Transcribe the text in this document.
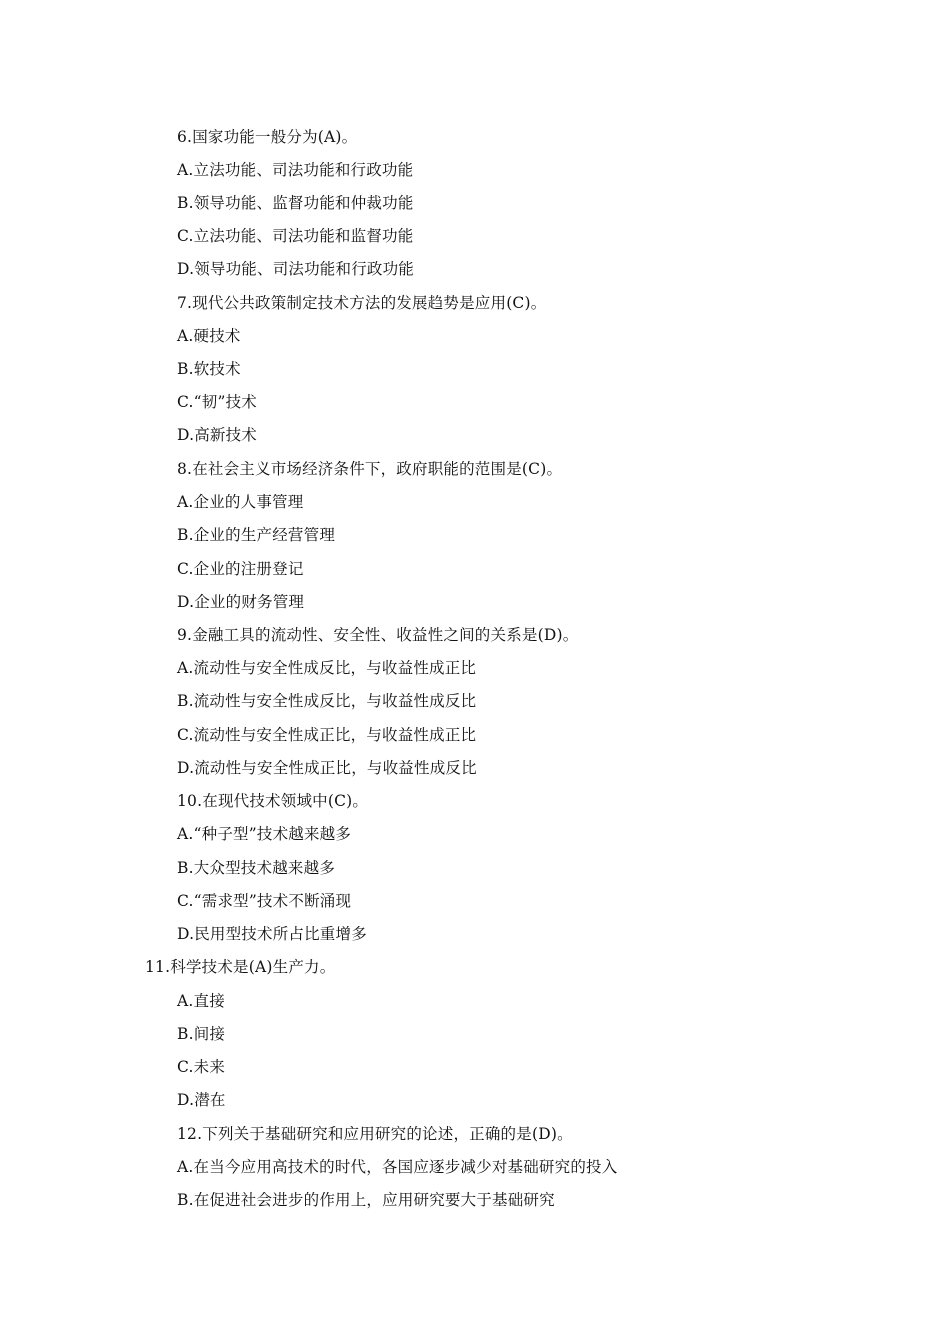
6.国家功能一般分为(A)。
A.立法功能、司法功能和行政功能
B.领导功能、监督功能和仲裁功能
C.立法功能、司法功能和监督功能
D.领导功能、司法功能和行政功能
7.现代公共政策制定技术方法的发展趋势是应用(C)。
A.硬技术
B.软技术
C.“韧”技术
D.高新技术
8.在社会主义市场经济条件下，政府职能的范围是(C)。
A.企业的人事管理
B.企业的生产经营管理
C.企业的注册登记
D.企业的财务管理
9.金融工具的流动性、安全性、收益性之间的关系是(D)。
A.流动性与安全性成反比，与收益性成正比
B.流动性与安全性成反比，与收益性成反比
C.流动性与安全性成正比，与收益性成正比
D.流动性与安全性成正比，与收益性成反比
10.在现代技术领域中(C)。
A.“种子型”技术越来越多
B.大众型技术越来越多
C.“需求型”技术不断涌现
D.民用型技术所占比重增多
11.科学技术是(A)生产力。
A.直接
B.间接
C.未来
D.潜在
12.下列关于基础研究和应用研究的论述，正确的是(D)。
A.在当今应用高技术的时代，各国应逐步减少对基础研究的投入
B.在促进社会进步的作用上，应用研究要大于基础研究
